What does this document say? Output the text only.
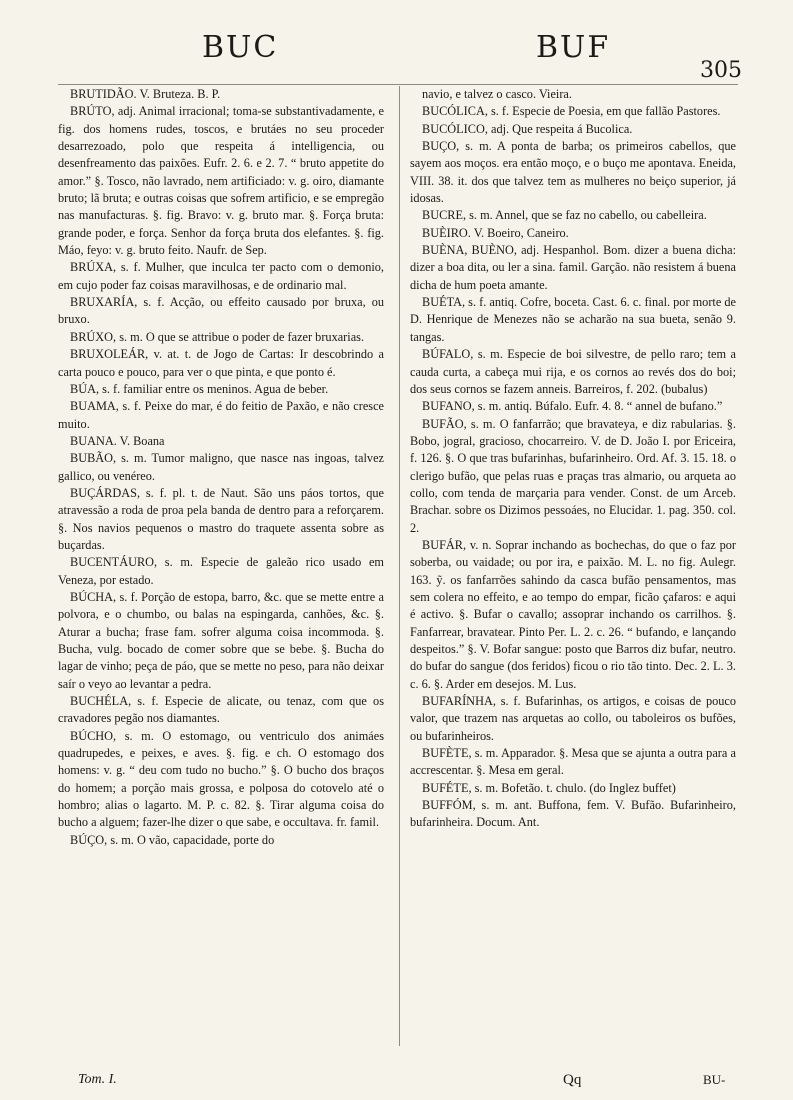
BUC	BUF
305

BRUTIDÃO. V. Bruteza. B. P.

BRÚTO, adj. Animal irracional; toma-se substantivadamente, e fig. dos homens rudes, toscos, e brutáes no seu proceder desarrezoado, polo que respeita á intelligencia, ou desenfreamento das paixões. Eufr. 2. 6. e 2. 7. “ bruto appetite do amor.” §. Tosco, não lavrado, nem artificiado: v. g. oiro, diamante bruto; lã bruta; e outras coisas que sofrem artificio, e se empregão nas manufacturas. §. fig. Bravo: v. g. bruto mar. §. Força bruta: grande poder, e força. Senhor da força bruta dos elefantes. §. fig. Máo, feyo: v. g. bruto feito. Naufr. de Sep.

BRÚXA, s. f. Mulher, que inculca ter pacto com o demonio, em cujo poder faz coisas maravilhosas, e de ordinario mal.

BRUXARÍA, s. f. Acção, ou effeito causado por bruxa, ou bruxo.

BRÚXO, s. m. O que se attribue o poder de fazer bruxarias.

BRUXOLEÁR, v. at. t. de Jogo de Cartas: Ir descobrindo a carta pouco e pouco, para ver o que pinta, e que ponto é.

BÚA, s. f. familiar entre os meninos. Agua de beber.

BUAMA, s. f. Peixe do mar, é do feitio de Paxão, e não cresce muito.

BUANA. V. Boana

BUBÃO, s. m. Tumor maligno, que nasce nas ingoas, talvez gallico, ou venéreo.

BUÇÁRDAS, s. f. pl. t. de Naut. São uns páos tortos, que atravessão a roda de proa pela banda de dentro para a reforçarem. §. Nos navios pequenos o mastro do traquete assenta sobre as buçardas.

BUCENTÁURO, s. m. Especie de galeão rico usado em Veneza, por estado.

BÚCHA, s. f. Porção de estopa, barro, &c. que se mette entre a polvora, e o chumbo, ou balas na espingarda, canhões, &c. §. Aturar a bucha; frase fam. sofrer alguma coisa incommoda. §. Bucha, vulg. bocado de comer sobre que se bebe. §. Bucha do lagar de vinho; peça de páo, que se mette no peso, para não deixar saír o veyo ao levantar a pedra.

BUCHÉLA, s. f. Especie de alicate, ou tenaz, com que os cravadores pegão nos diamantes.

BÚCHO, s. m. O estomago, ou ventriculo dos animáes quadrupedes, e peixes, e aves. §. fig. e ch. O estomago dos homens: v. g. “ deu com tudo no bucho.” §. O bucho dos braços do homem; a porção mais grossa, e polposa do cotovelo até o hombro; alias o lagarto. M. P. c. 82. §. Tirar alguma coisa do bucho a alguem; fazer-lhe dizer o que sabe, e occultava. fr. famil.

BÚÇO, s. m. O vão, capacidade, porte do

navio, e talvez o casco. Vieira.

BUCÓLICA, s. f. Especie de Poesia, em que fallão Pastores.

BUCÓLICO, adj. Que respeita á Bucolica.

BUÇO, s. m. A ponta de barba; os primeiros cabellos, que sayem aos moços. era então moço, e o buço me apontava. Eneida, VIII. 38. it. dos que talvez tem as mulheres no beiço superior, já idosas.

BUCRE, s. m. Annel, que se faz no cabello, ou cabelleira.

BUÈIRO. V. Boeiro, Caneiro.

BUÈNA, BUÈNO, adj. Hespanhol. Bom. dizer a buena dicha: dizer a boa dita, ou ler a sina. famil. Garção. não resistem á buena dicha de hum poeta amante.

BUÉTA, s. f. antiq. Cofre, boceta. Cast. 6. c. final. por morte de D. Henrique de Menezes não se acharão na sua bueta, senão 9. tangas.

BÚFALO, s. m. Especie de boi silvestre, de pello raro; tem a cauda curta, a cabeça mui rija, e os cornos ao revés dos do boi; dos seus cornos se fazem anneis. Barreiros, f. 202. (bubalus)

BUFANO, s. m. antiq. Búfalo. Eufr. 4. 8. “ annel de bufano.”

BUFÃO, s. m. O fanfarrão; que bravateya, e diz rabularias. §. Bobo, jogral, gracioso, chocarreiro. V. de D. João I. por Ericeira, f. 126. §. O que tras bufarinhas, bufarinheiro. Ord. Af. 3. 15. 18. o clerigo bufão, que pelas ruas e praças tras almario, ou arqueta ao collo, com tenda de marçaria para vender. Const. de um Arceb. Brachar. sobre os Dizimos pessoáes, no Elucidar. 1. pag. 350. col. 2.

BUFÁR, v. n. Soprar inchando as bochechas, do que o faz por soberba, ou vaidade; ou por ira, e paixão. M. L. no fig. Aulegr. 163. ỹ. os fanfarrões sahindo da casca bufão pensamentos, mas sem colera no effeito, e ao tempo do empar, ficão çafaros: e aqui é activo. §. Bufar o cavallo; assoprar inchando os carrilhos. §. Fanfarrear, bravatear. Pinto Per. L. 2. c. 26. “ bufando, e lançando despeitos.” §. V. Bofar sangue: posto que Barros diz bufar, neutro. do bufar do sangue (dos feridos) ficou o rio tão tinto. Dec. 2. L. 3. c. 6. §. Arder em desejos. M. Lus.

BUFARÍNHA, s. f. Bufarinhas, os artigos, e coisas de pouco valor, que trazem nas arquetas ao collo, ou taboleiros os bufões, ou bufarinheiros.

BUFÈTE, s. m. Apparador. §. Mesa que se ajunta a outra para a accrescentar. §. Mesa em geral.

BUFÉTE, s. m. Bofetão. t. chulo. (do Inglez buffet)

BUFFÓM, s. m. ant. Buffona, fem. V. Bufão. Bufarinheiro, bufarinheira. Docum. Ant.

Tom. I.	Qq	BU-
